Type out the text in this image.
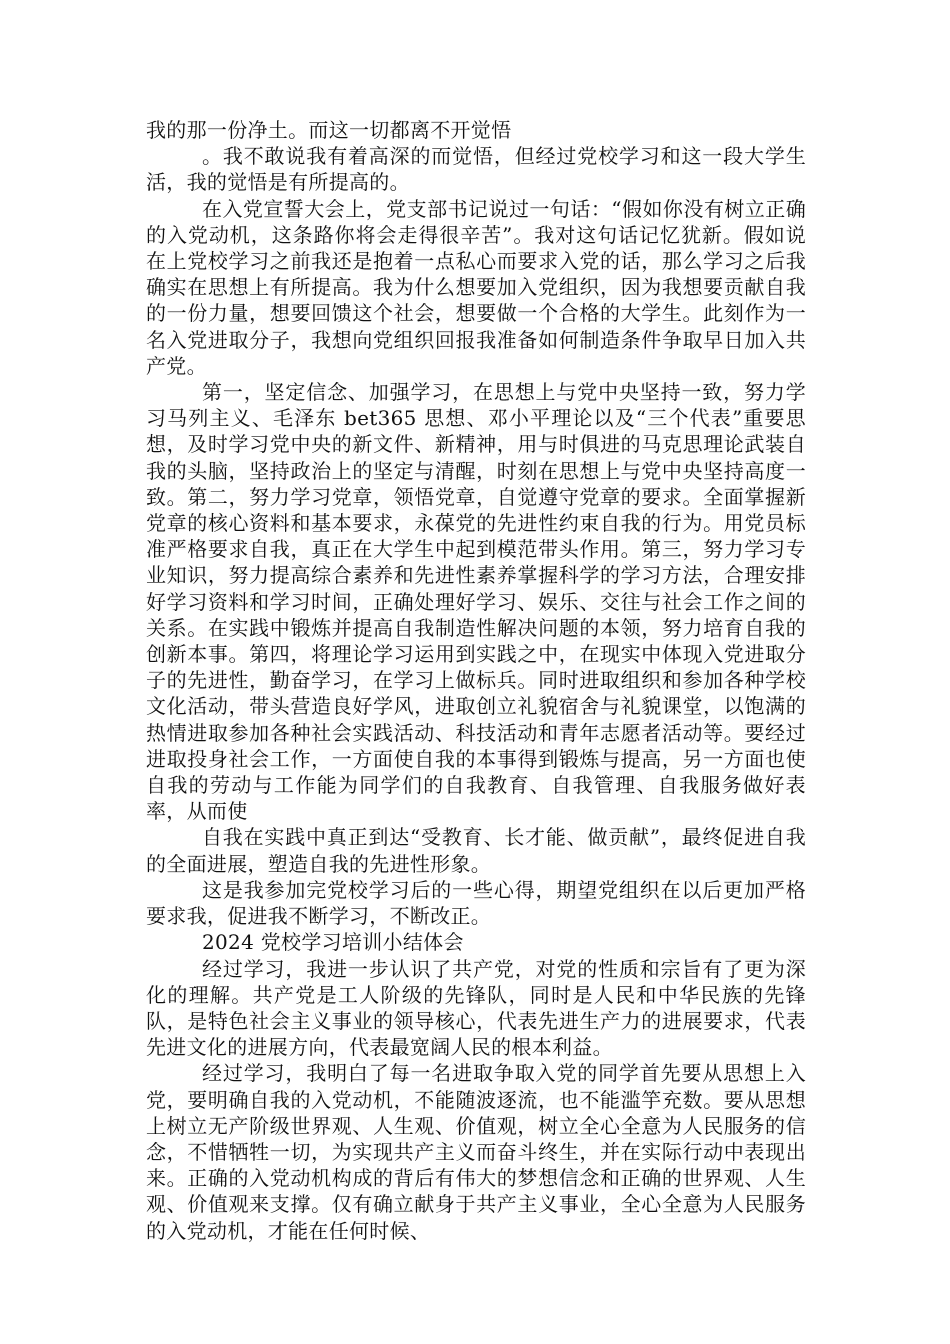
我的那一份净土。而这一切都离不开觉悟

。我不敢说我有着高深的而觉悟，但经过党校学习和这一段大学生活，我的觉悟是有所提高的。

在入党宣誓大会上，党支部书记说过一句话：“假如你没有树立正确的入党动机，这条路你将会走得很辛苦”。我对这句话记忆犹新。假如说在上党校学习之前我还是抱着一点私心而要求入党的话，那么学习之后我确实在思想上有所提高。我为什么想要加入党组织，因为我想要贡献自我的一份力量，想要回馈这个社会，想要做一个合格的大学生。此刻作为一名入党进取分子，我想向党组织回报我准备如何制造条件争取早日加入共产党。

第一，坚定信念、加强学习，在思想上与党中央坚持一致，努力学习马列主义、毛泽东 bet365 思想、邓小平理论以及“三个代表”重要思想，及时学习党中央的新文件、新精神，用与时俱进的马克思理论武装自我的头脑，坚持政治上的坚定与清醒，时刻在思想上与党中央坚持高度一致。第二，努力学习党章，领悟党章，自觉遵守党章的要求。全面掌握新党章的核心资料和基本要求，永葆党的先进性约束自我的行为。用党员标准严格要求自我，真正在大学生中起到模范带头作用。第三，努力学习专业知识，努力提高综合素养和先进性素养掌握科学的学习方法，合理安排好学习资料和学习时间，正确处理好学习、娱乐、交往与社会工作之间的关系。在实践中锻炼并提高自我制造性解决问题的本领，努力培育自我的创新本事。第四，将理论学习运用到实践之中，在现实中体现入党进取分子的先进性，勤奋学习，在学习上做标兵。同时进取组织和参加各种学校文化活动，带头营造良好学风，进取创立礼貌宿舍与礼貌课堂，以饱满的热情进取参加各种社会实践活动、科技活动和青年志愿者活动等。要经过进取投身社会工作，一方面使自我的本事得到锻炼与提高，另一方面也使自我的劳动与工作能为同学们的自我教育、自我管理、自我服务做好表率，从而使

自我在实践中真正到达“受教育、长才能、做贡献”，最终促进自我的全面进展，塑造自我的先进性形象。

这是我参加完党校学习后的一些心得，期望党组织在以后更加严格要求我，促进我不断学习，不断改正。

2024 党校学习培训小结体会

经过学习，我进一步认识了共产党，对党的性质和宗旨有了更为深化的理解。共产党是工人阶级的先锋队，同时是人民和中华民族的先锋队，是特色社会主义事业的领导核心，代表先进生产力的进展要求，代表先进文化的进展方向，代表最宽阔人民的根本利益。

经过学习，我明白了每一名进取争取入党的同学首先要从思想上入党，要明确自我的入党动机，不能随波逐流，也不能滥竽充数。要从思想上树立无产阶级世界观、人生观、价值观，树立全心全意为人民服务的信念，不惜牺牲一切，为实现共产主义而奋斗终生，并在实际行动中表现出来。正确的入党动机构成的背后有伟大的梦想信念和正确的世界观、人生观、价值观来支撑。仅有确立献身于共产主义事业，全心全意为人民服务的入党动机，才能在任何时候、
